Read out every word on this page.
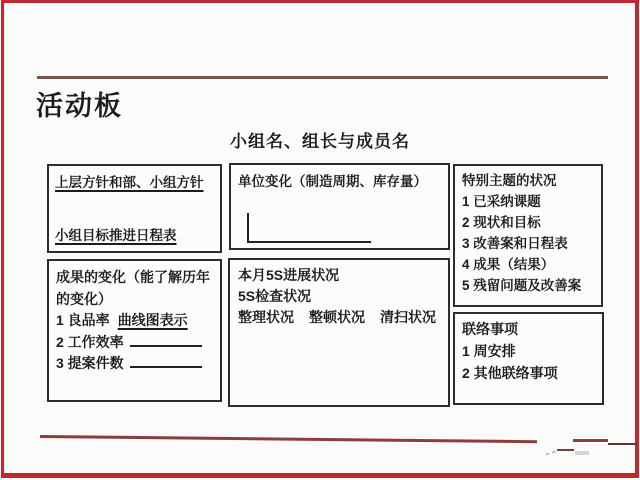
活动板
小组名、组长与成员名
上层方针和部、小组方针
小组目标推进日程表
成果的变化（能了解历年的变化）
1 良品率 曲线图表示
2 工作效率
3 提案件数
单位变化（制造周期、库存量）
本月5S进展状况
5S检查状况
整理状况 整顿状况 清扫状况
特别主题的状况
1 已采纳课题
2 现状和目标
3 改善案和日程表
4 成果（结果）
5 残留问题及改善案
联络事项
1 周安排
2 其他联络事项
